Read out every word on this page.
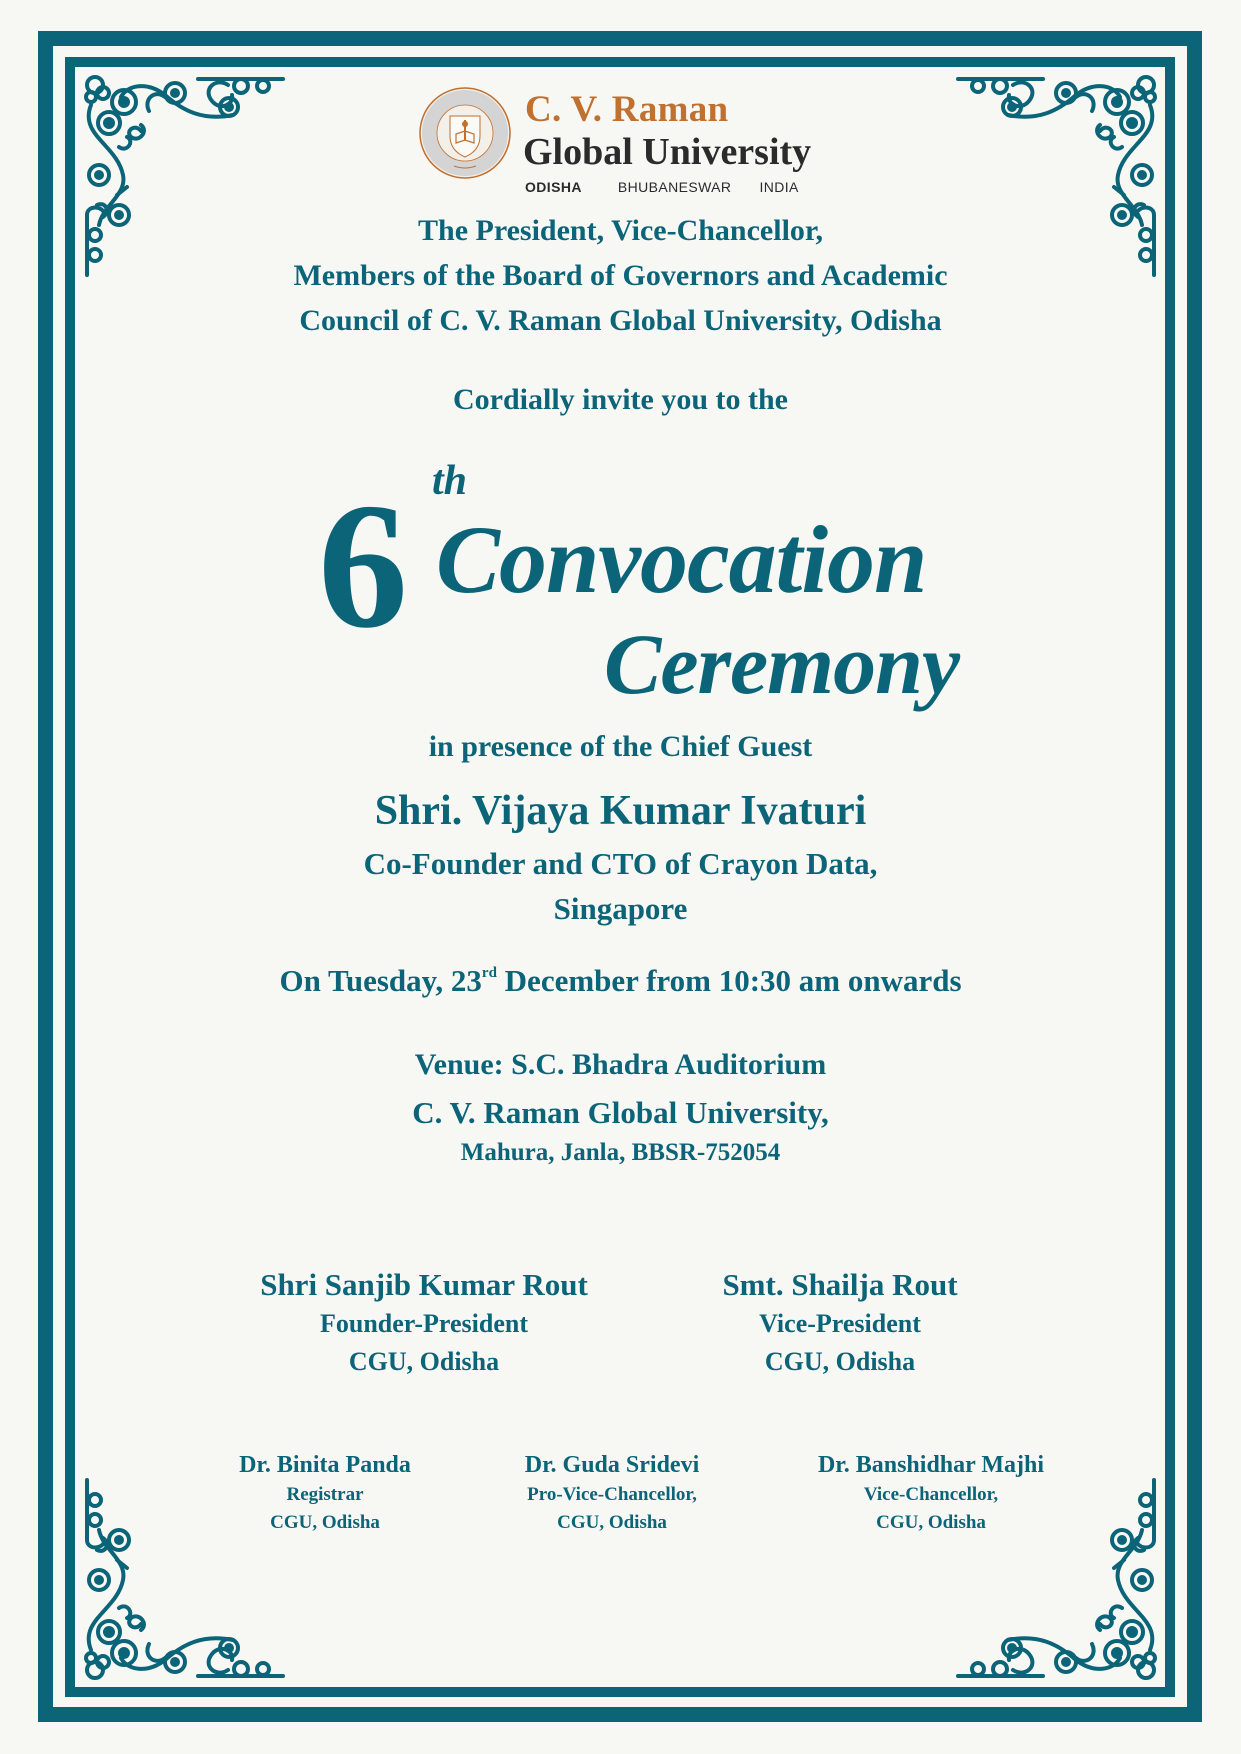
C. V. Raman
Global University
ODISHA	BHUBANESWAR INDIA
The President, Vice-Chancellor,
Members of the Board of Governors and Academic
Council of C. V. Raman Global University, Odisha
Cordially invite you to the
6 th
Convocation
Ceremony
in presence of the Chief Guest
Shri. Vijaya Kumar Ivaturi
Co-Founder and CTO of Crayon Data,
Singapore
On Tuesday, 23rd December from 10:30 am onwards
Venue: S.C. Bhadra Auditorium
C. V. Raman Global University,
Mahura, Janla, BBSR-752054
Shri Sanjib Kumar Rout
Founder-President
CGU, Odisha
Smt. Shailja Rout
Vice-President
CGU, Odisha
Dr. Binita Panda
Registrar
CGU, Odisha
Dr. Guda Sridevi
Pro-Vice-Chancellor,
CGU, Odisha
Dr. Banshidhar Majhi
Vice-Chancellor,
CGU, Odisha
